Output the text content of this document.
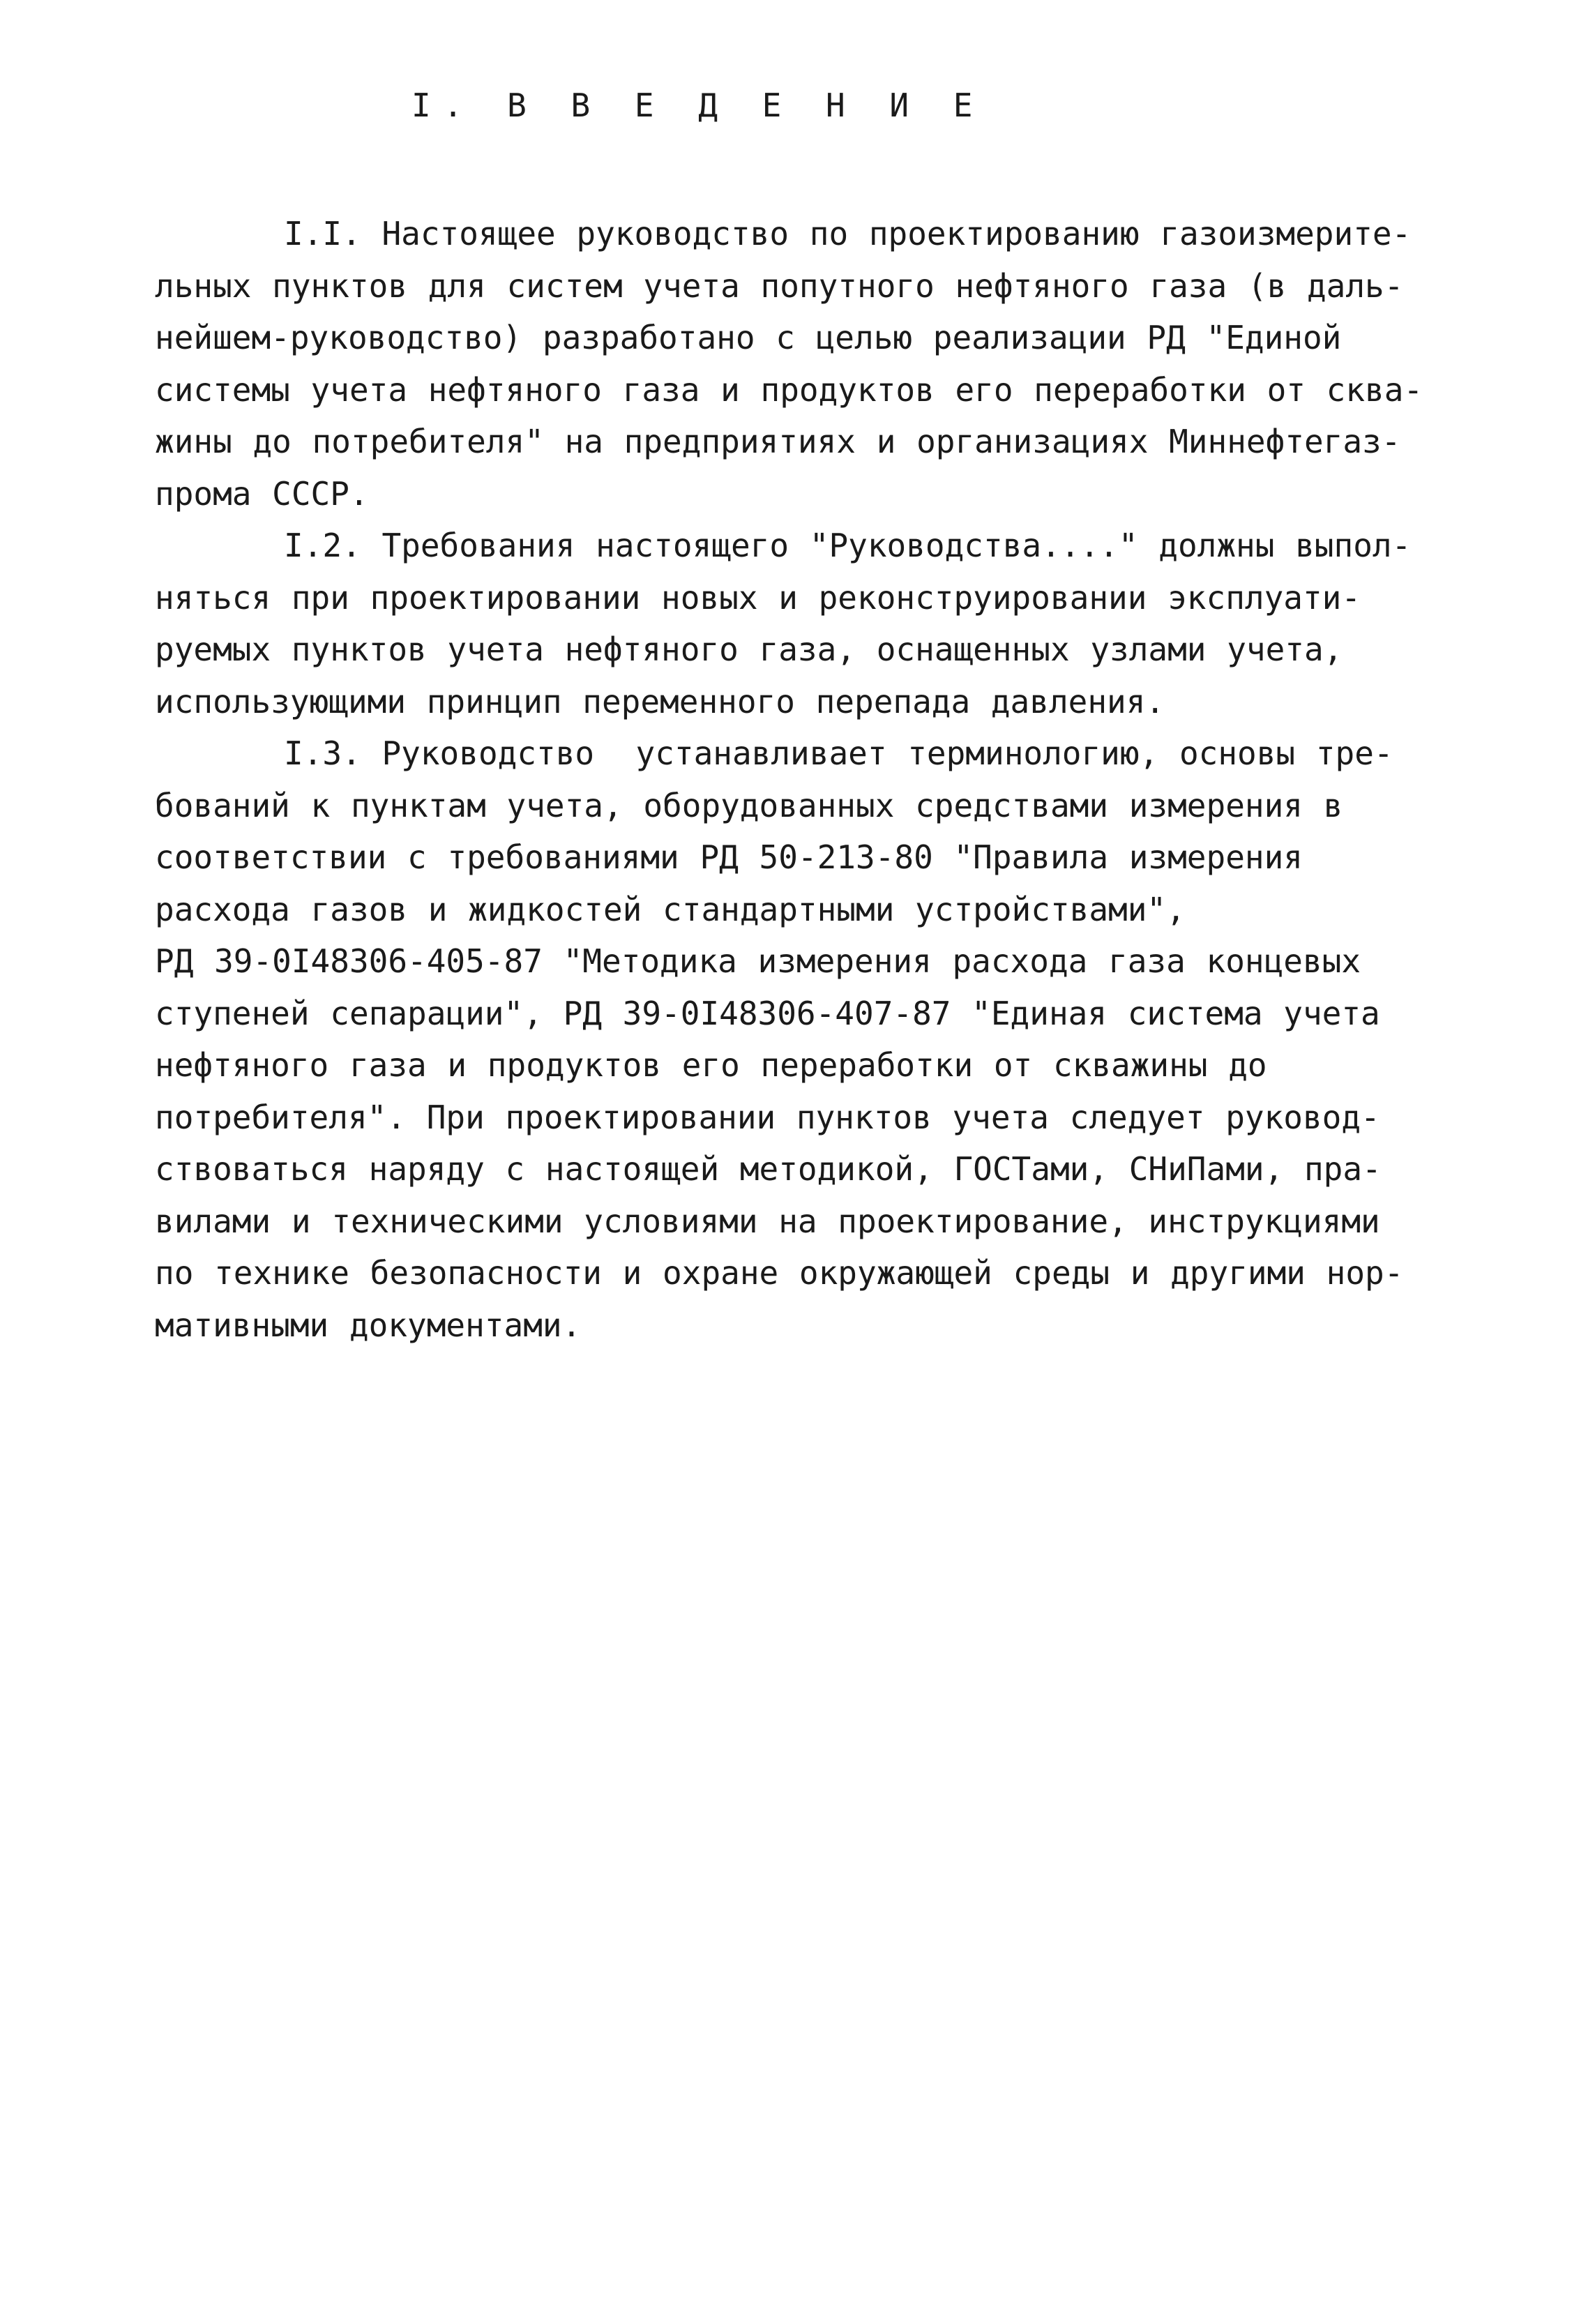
I. В В Е Д Е Н И Е
I.I. Настоящее руководство по проектированию газоизмерите-
льных пунктов для систем учета попутного нефтяного газа (в даль-
нейшем-руководство) разработано с целью реализации РД "Единой
системы учета нефтяного газа и продуктов его переработки от сква-
жины до потребителя" на предприятиях и организациях Миннефтегаз-
прома СССР.
I.2. Требования настоящего "Руководства...." должны выпол-
няться при проектировании новых и реконструировании эксплуати-
руемых пунктов учета нефтяного газа, оснащенных узлами учета,
использующими принцип переменного перепада давления.
I.3. Руководство  устанавливает терминологию, основы тре-
бований к пунктам учета, оборудованных средствами измерения в
соответствии с требованиями РД 50-213-80 "Правила измерения
расхода газов и жидкостей стандартными устройствами",
РД 39-0I48306-405-87 "Методика измерения расхода газа концевых
ступеней сепарации", РД 39-0I48306-407-87 "Единая система учета
нефтяного газа и продуктов его переработки от скважины до
потребителя". При проектировании пунктов учета следует руковод-
ствоваться наряду с настоящей методикой, ГОСТами, СНиПами, пра-
вилами и техническими условиями на проектирование, инструкциями
по технике безопасности и охране окружающей среды и другими нор-
мативными документами.
